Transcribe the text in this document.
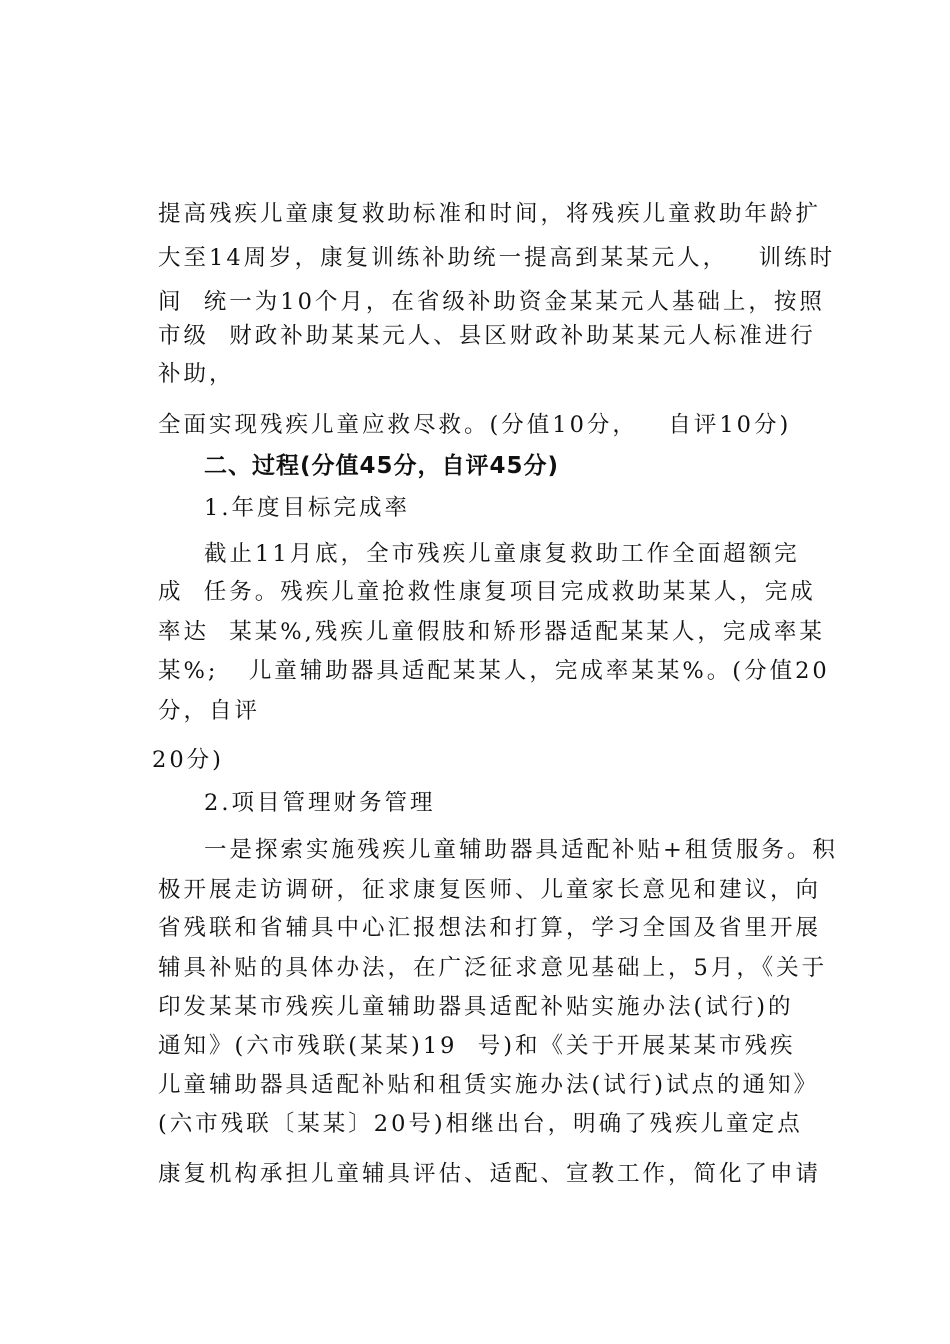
提高残疾儿童康复救助标准和时间，将残疾儿童救助年龄扩
大至14周岁，康复训练补助统一提高到某某元人，   训练时
间  统一为10个月，在省级补助资金某某元人基础上，按照
市级  财政补助某某元人、县区财政补助某某元人标准进行
补助，
全面实现残疾儿童应救尽救。(分值10分，   自评10分)
二、过程(分值45分，自评45分)
1.年度目标完成率
截止11月底，全市残疾儿童康复救助工作全面超额完
成  任务。残疾儿童抢救性康复项目完成救助某某人，完成
率达  某某%,残疾儿童假肢和矫形器适配某某人，完成率某
某%;   儿童辅助器具适配某某人，完成率某某%。(分值20
分，自评
20分)
2.项目管理财务管理
一是探索实施残疾儿童辅助器具适配补贴+租赁服务。积
极开展走访调研，征求康复医师、儿童家长意见和建议，向
省残联和省辅具中心汇报想法和打算，学习全国及省里开展
辅具补贴的具体办法，在广泛征求意见基础上，5月，《关于
印发某某市残疾儿童辅助器具适配补贴实施办法(试行)的
通知》(六市残联(某某)19  号)和《关于开展某某市残疾
儿童辅助器具适配补贴和租赁实施办法(试行)试点的通知》
(六市残联〔某某〕20号)相继出台，明确了残疾儿童定点
康复机构承担儿童辅具评估、适配、宣教工作，简化了申请
